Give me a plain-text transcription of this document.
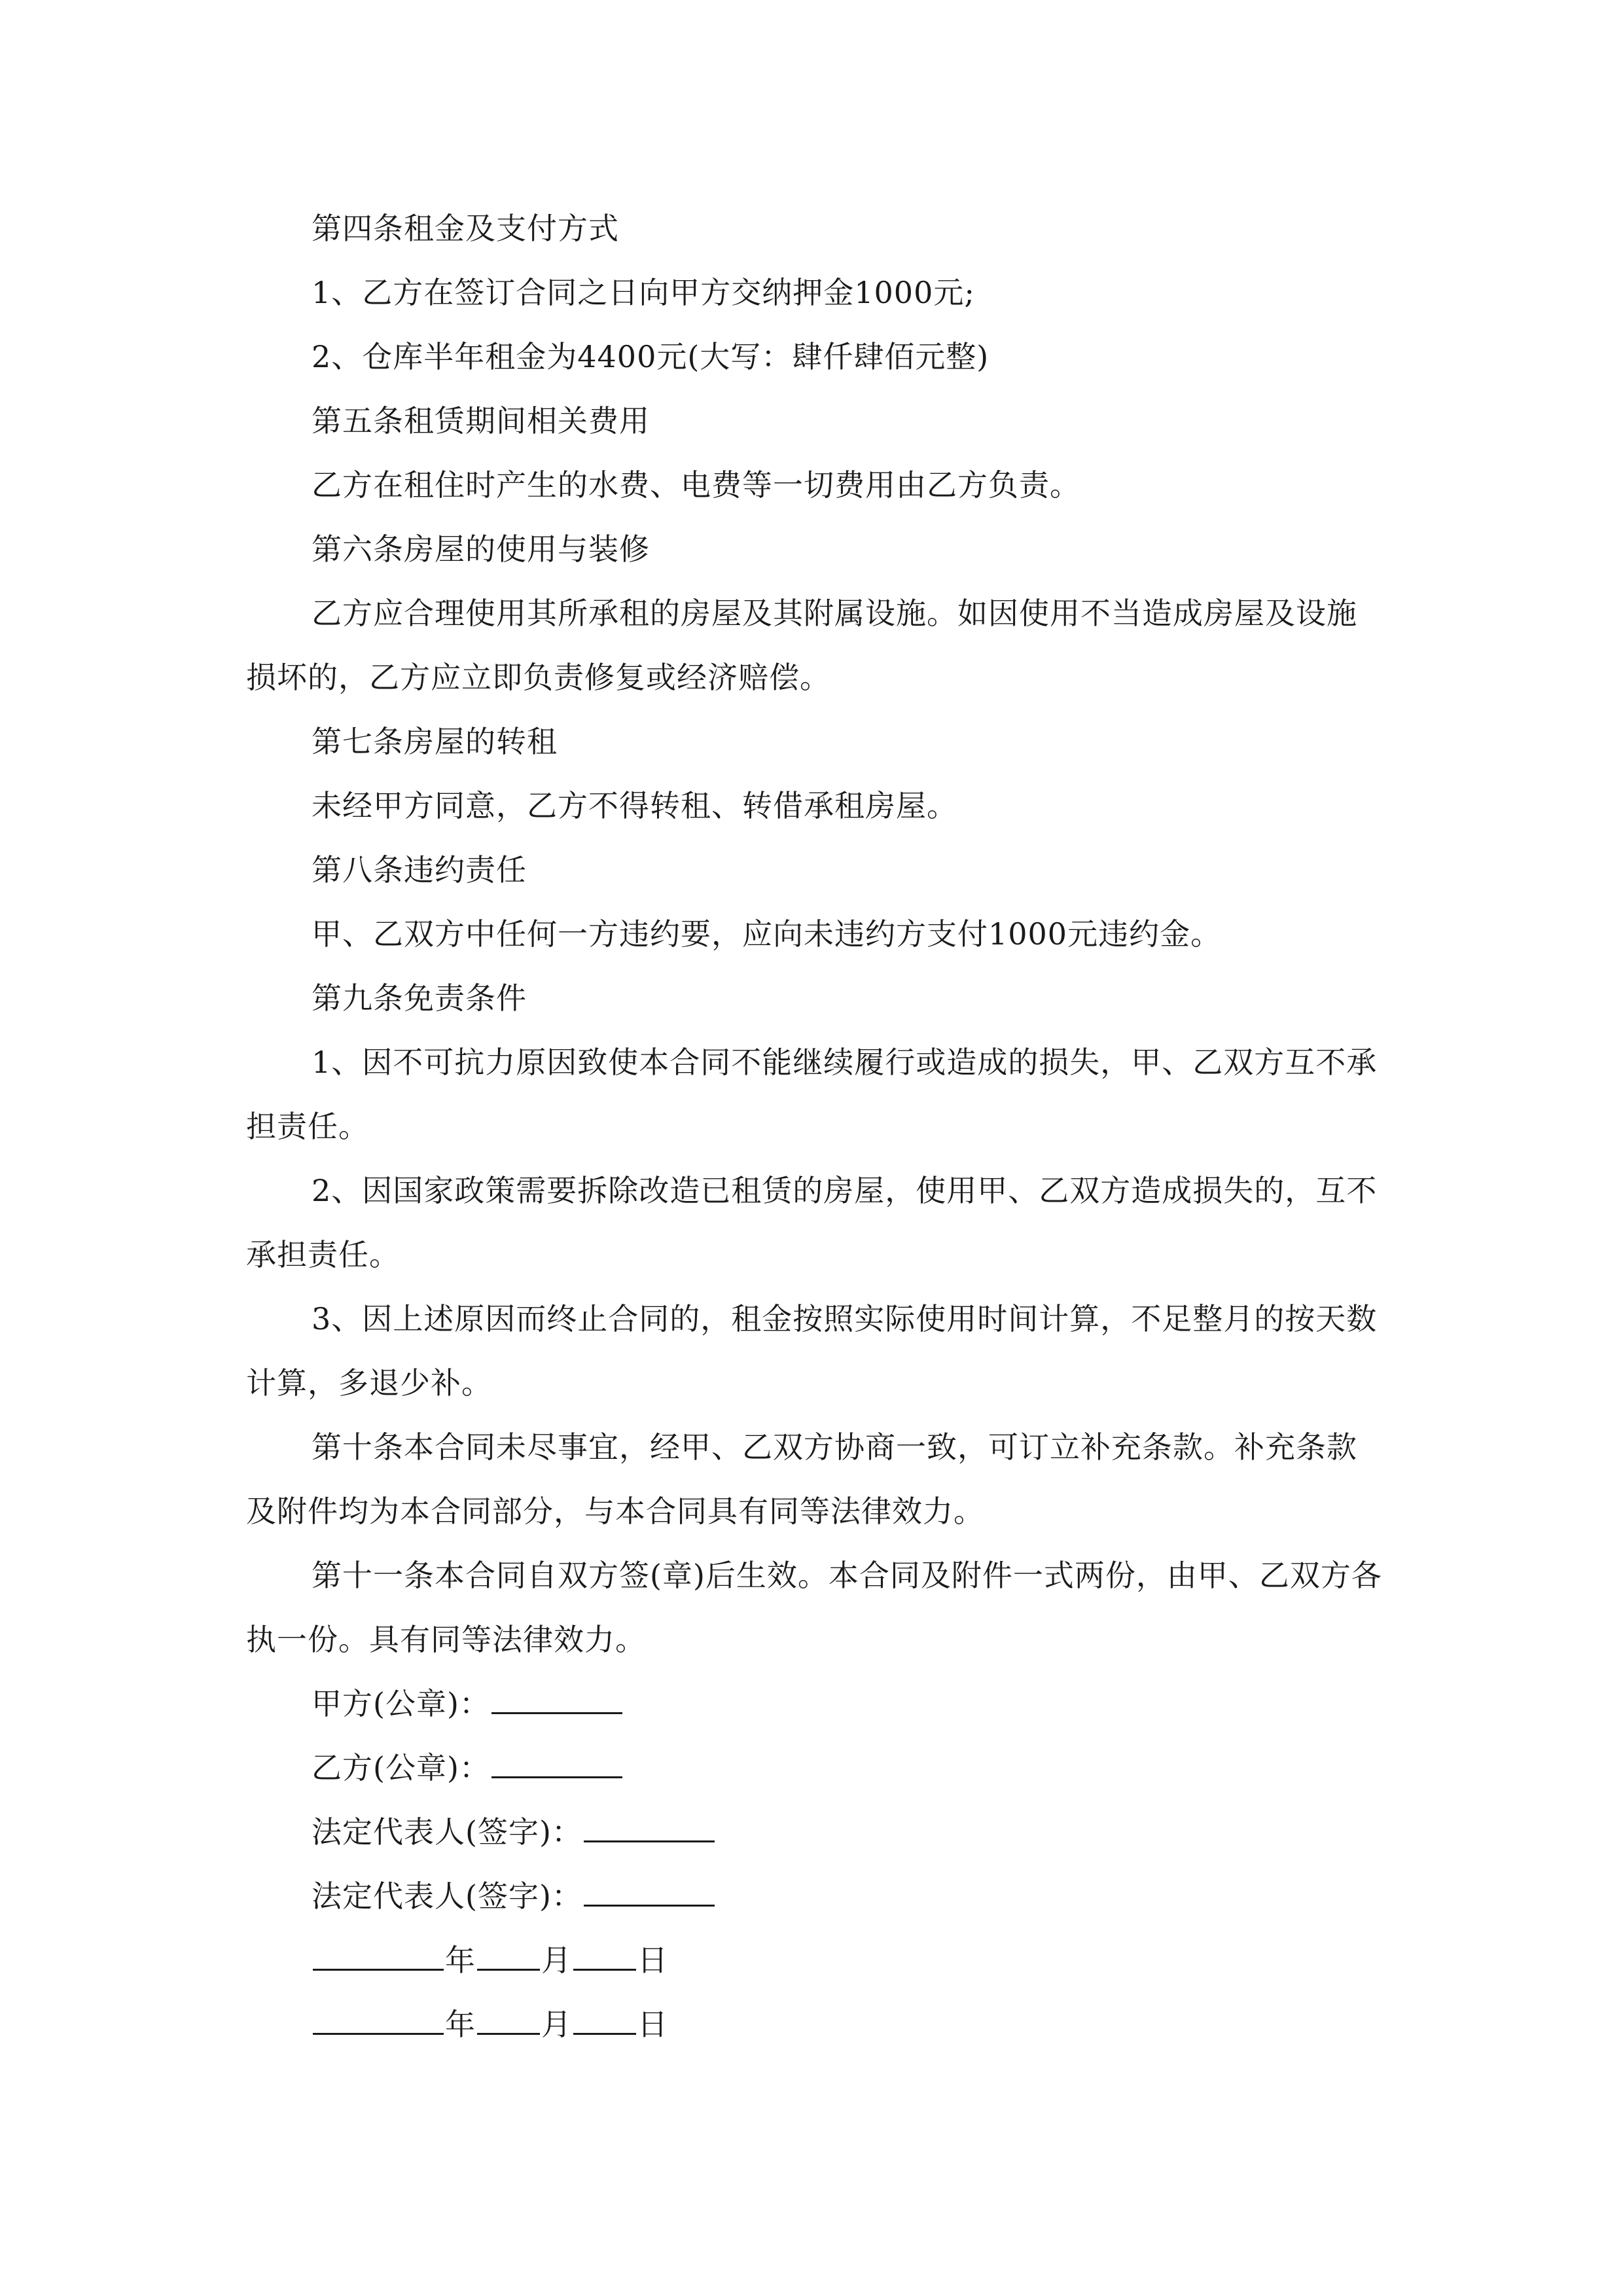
第四条租金及支付方式

1、乙方在签订合同之日向甲方交纳押金1000元;

2、仓库半年租金为4400元(大写：肆仟肆佰元整)

第五条租赁期间相关费用

乙方在租住时产生的水费、电费等一切费用由乙方负责。

第六条房屋的使用与装修

乙方应合理使用其所承租的房屋及其附属设施。如因使用不当造成房屋及设施损坏的，乙方应立即负责修复或经济赔偿。

第七条房屋的转租

未经甲方同意，乙方不得转租、转借承租房屋。

第八条违约责任

甲、乙双方中任何一方违约要，应向未违约方支付1000元违约金。

第九条免责条件

1、因不可抗力原因致使本合同不能继续履行或造成的损失，甲、乙双方互不承担责任。

2、因国家政策需要拆除改造已租赁的房屋，使用甲、乙双方造成损失的，互不承担责任。

3、因上述原因而终止合同的，租金按照实际使用时间计算，不足整月的按天数计算，多退少补。

第十条本合同未尽事宜，经甲、乙双方协商一致，可订立补充条款。补充条款及附件均为本合同部分，与本合同具有同等法律效力。

第十一条本合同自双方签(章)后生效。本合同及附件一式两份，由甲、乙双方各执一份。具有同等法律效力。

甲方(公章)：

乙方(公章)：

法定代表人(签字)：

法定代表人(签字)：

年 月 日

年 月 日
